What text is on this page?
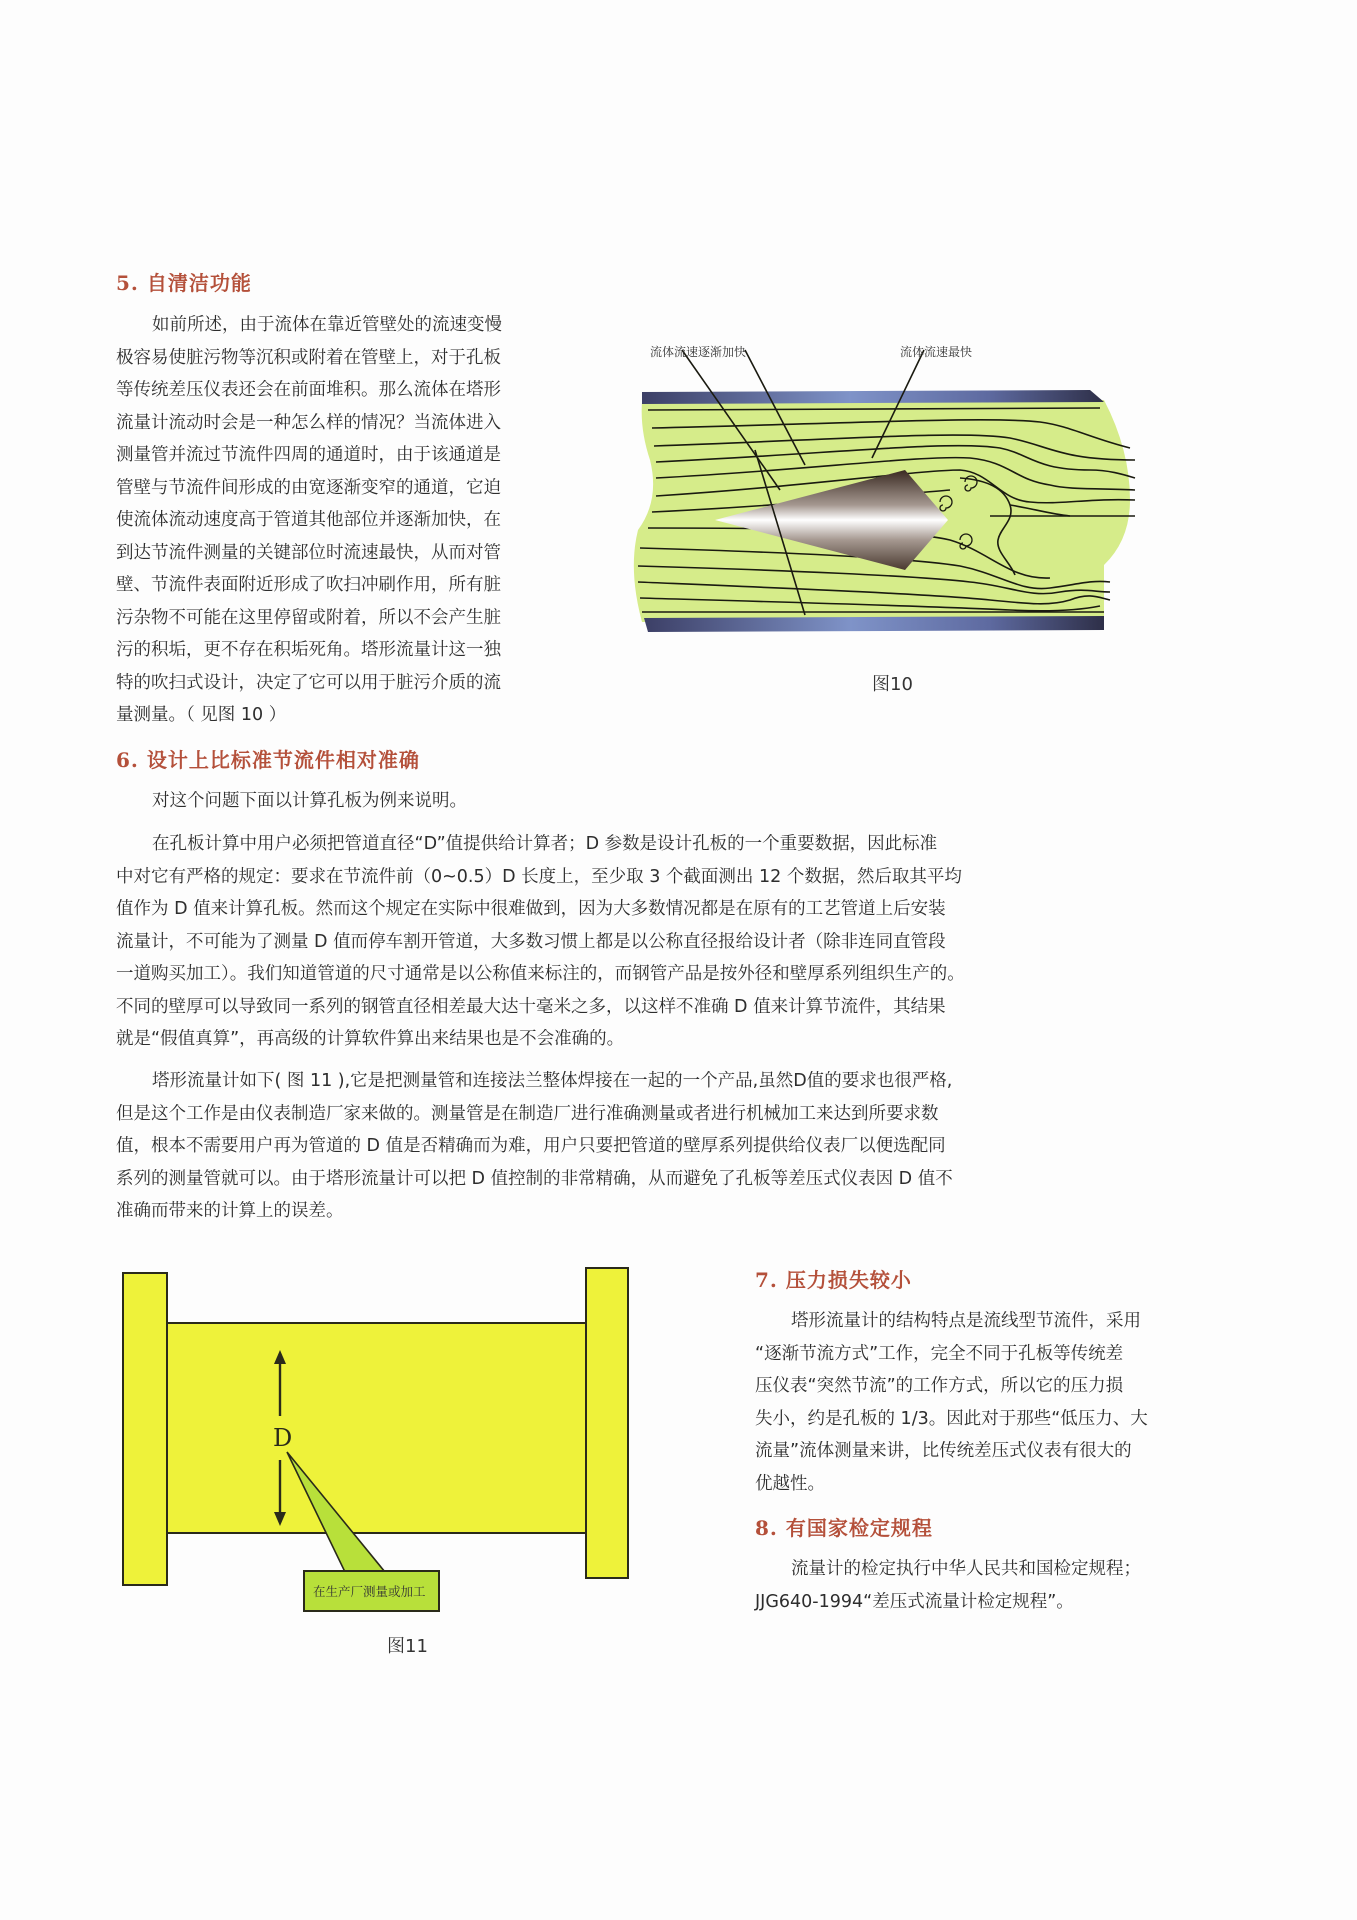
5. 自清洁功能
如前所述，由于流体在靠近管壁处的流速变慢
极容易使脏污物等沉积或附着在管壁上，对于孔板
等传统差压仪表还会在前面堆积。那么流体在塔形
流量计流动时会是一种怎么样的情况？当流体进入
测量管并流过节流件四周的通道时，由于该通道是
管壁与节流件间形成的由宽逐渐变窄的通道，它迫
使流体流动速度高于管道其他部位并逐渐加快，在
到达节流件测量的关键部位时流速最快，从而对管
壁、节流件表面附近形成了吹扫冲刷作用，所有脏
污杂物不可能在这里停留或附着，所以不会产生脏
污的积垢，更不存在积垢死角。塔形流量计这一独
特的吹扫式设计，决定了它可以用于脏污介质的流
量测量。（ 见图 10 ）
流体流速逐渐加快	流体流速最快

图10

6. 设计上比标准节流件相对准确
对这个问题下面以计算孔板为例来说明。
在孔板计算中用户必须把管道直径“D”值提供给计算者；D 参数是设计孔板的一个重要数据，因此标准
中对它有严格的规定：要求在节流件前（0~0.5）D 长度上，至少取 3 个截面测出 12 个数据，然后取其平均
值作为 D 值来计算孔板。然而这个规定在实际中很难做到，因为大多数情况都是在原有的工艺管道上后安装
流量计，不可能为了测量 D 值而停车割开管道，大多数习惯上都是以公称直径报给设计者（除非连同直管段
一道购买加工）。我们知道管道的尺寸通常是以公称值来标注的，而钢管产品是按外径和壁厚系列组织生产的。
不同的壁厚可以导致同一系列的钢管直径相差最大达十毫米之多，以这样不准确 D 值来计算节流件，其结果
就是“假值真算”，再高级的计算软件算出来结果也是不会准确的。
塔形流量计如下( 图 11 ),它是把测量管和连接法兰整体焊接在一起的一个产品,虽然D值的要求也很严格,
但是这个工作是由仪表制造厂家来做的。测量管是在制造厂进行准确测量或者进行机械加工来达到所要求数
值，根本不需要用户再为管道的 D 值是否精确而为难，用户只要把管道的壁厚系列提供给仪表厂以便选配同
系列的测量管就可以。由于塔形流量计可以把 D 值控制的非常精确，从而避免了孔板等差压式仪表因 D 值不
准确而带来的计算上的误差。
D
在生产厂测量或加工

图11

7. 压力损失较小
塔形流量计的结构特点是流线型节流件，采用
“逐渐节流方式”工作，完全不同于孔板等传统差
压仪表“突然节流”的工作方式，所以它的压力损
失小，约是孔板的 1/3。因此对于那些“低压力、大
流量”流体测量来讲，比传统差压式仪表有很大的
优越性。
8. 有国家检定规程
流量计的检定执行中华人民共和国检定规程；
JJG640-1994“差压式流量计检定规程”。
